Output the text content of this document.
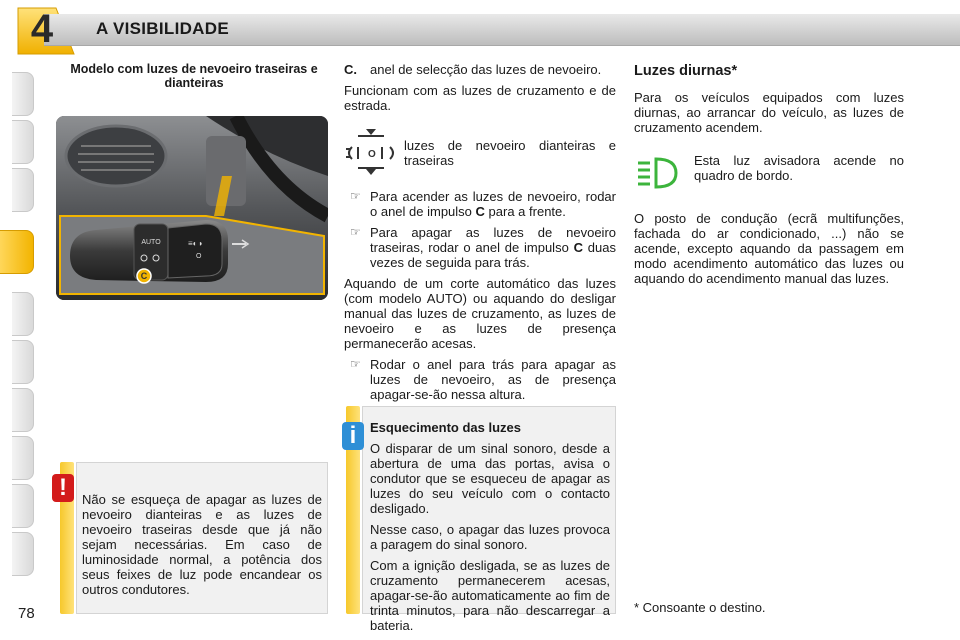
4	A VISIBILIDADE
Modelo com luzes de nevoeiro traseiras e dianteiras
AUTO	≡◐◑
O
C
!	Não se esqueça de apagar as luzes de nevoeiro dianteiras e as luzes de nevoeiro traseiras desde que já não sejam necessárias. Em caso de luminosidade normal, a potência dos seus feixes de luz pode encandear os outros condutores.
C.	anel de selecção das luzes de nevoeiro.
Funcionam com as luzes de cruzamento e de estrada.
O
luzes de nevoeiro dianteiras e traseiras
☞ Para acender as luzes de nevoeiro, rodar o anel de impulso C para a frente.
☞ Para apagar as luzes de nevoeiro traseiras, rodar o anel de impulso C duas vezes de seguida para trás.
Aquando de um corte automático das luzes (com modelo AUTO) ou aquando do desligar manual das luzes de cruzamento, as luzes de nevoeiro e as luzes de presença permanecerão acesas.
☞ Rodar o anel para trás para apagar as luzes de nevoeiro, as de presença apagar-se-ão nessa altura.
i	Esquecimento das luzes
O disparar de um sinal sonoro, desde a abertura de uma das portas, avisa o condutor que se esqueceu de apagar as luzes do seu veículo com o contacto desligado.
Nesse caso, o apagar das luzes provoca a paragem do sinal sonoro.
Com a ignição desligada, se as luzes de cruzamento permanecerem acesas, apagar-se-ão automaticamente ao fim de trinta minutos, para não descarregar a bateria.
Luzes diurnas*
Para os veículos equipados com luzes diurnas, ao arrancar do veículo, as luzes de cruzamento acendem.
Esta luz avisadora acende no quadro de bordo.
O posto de condução (ecrã multifunções, fachada do ar condicionado, ...) não se acende, excepto aquando da passagem em modo acendimento automático das luzes ou aquando do acendimento manual das luzes.
* Consoante o destino.
78
